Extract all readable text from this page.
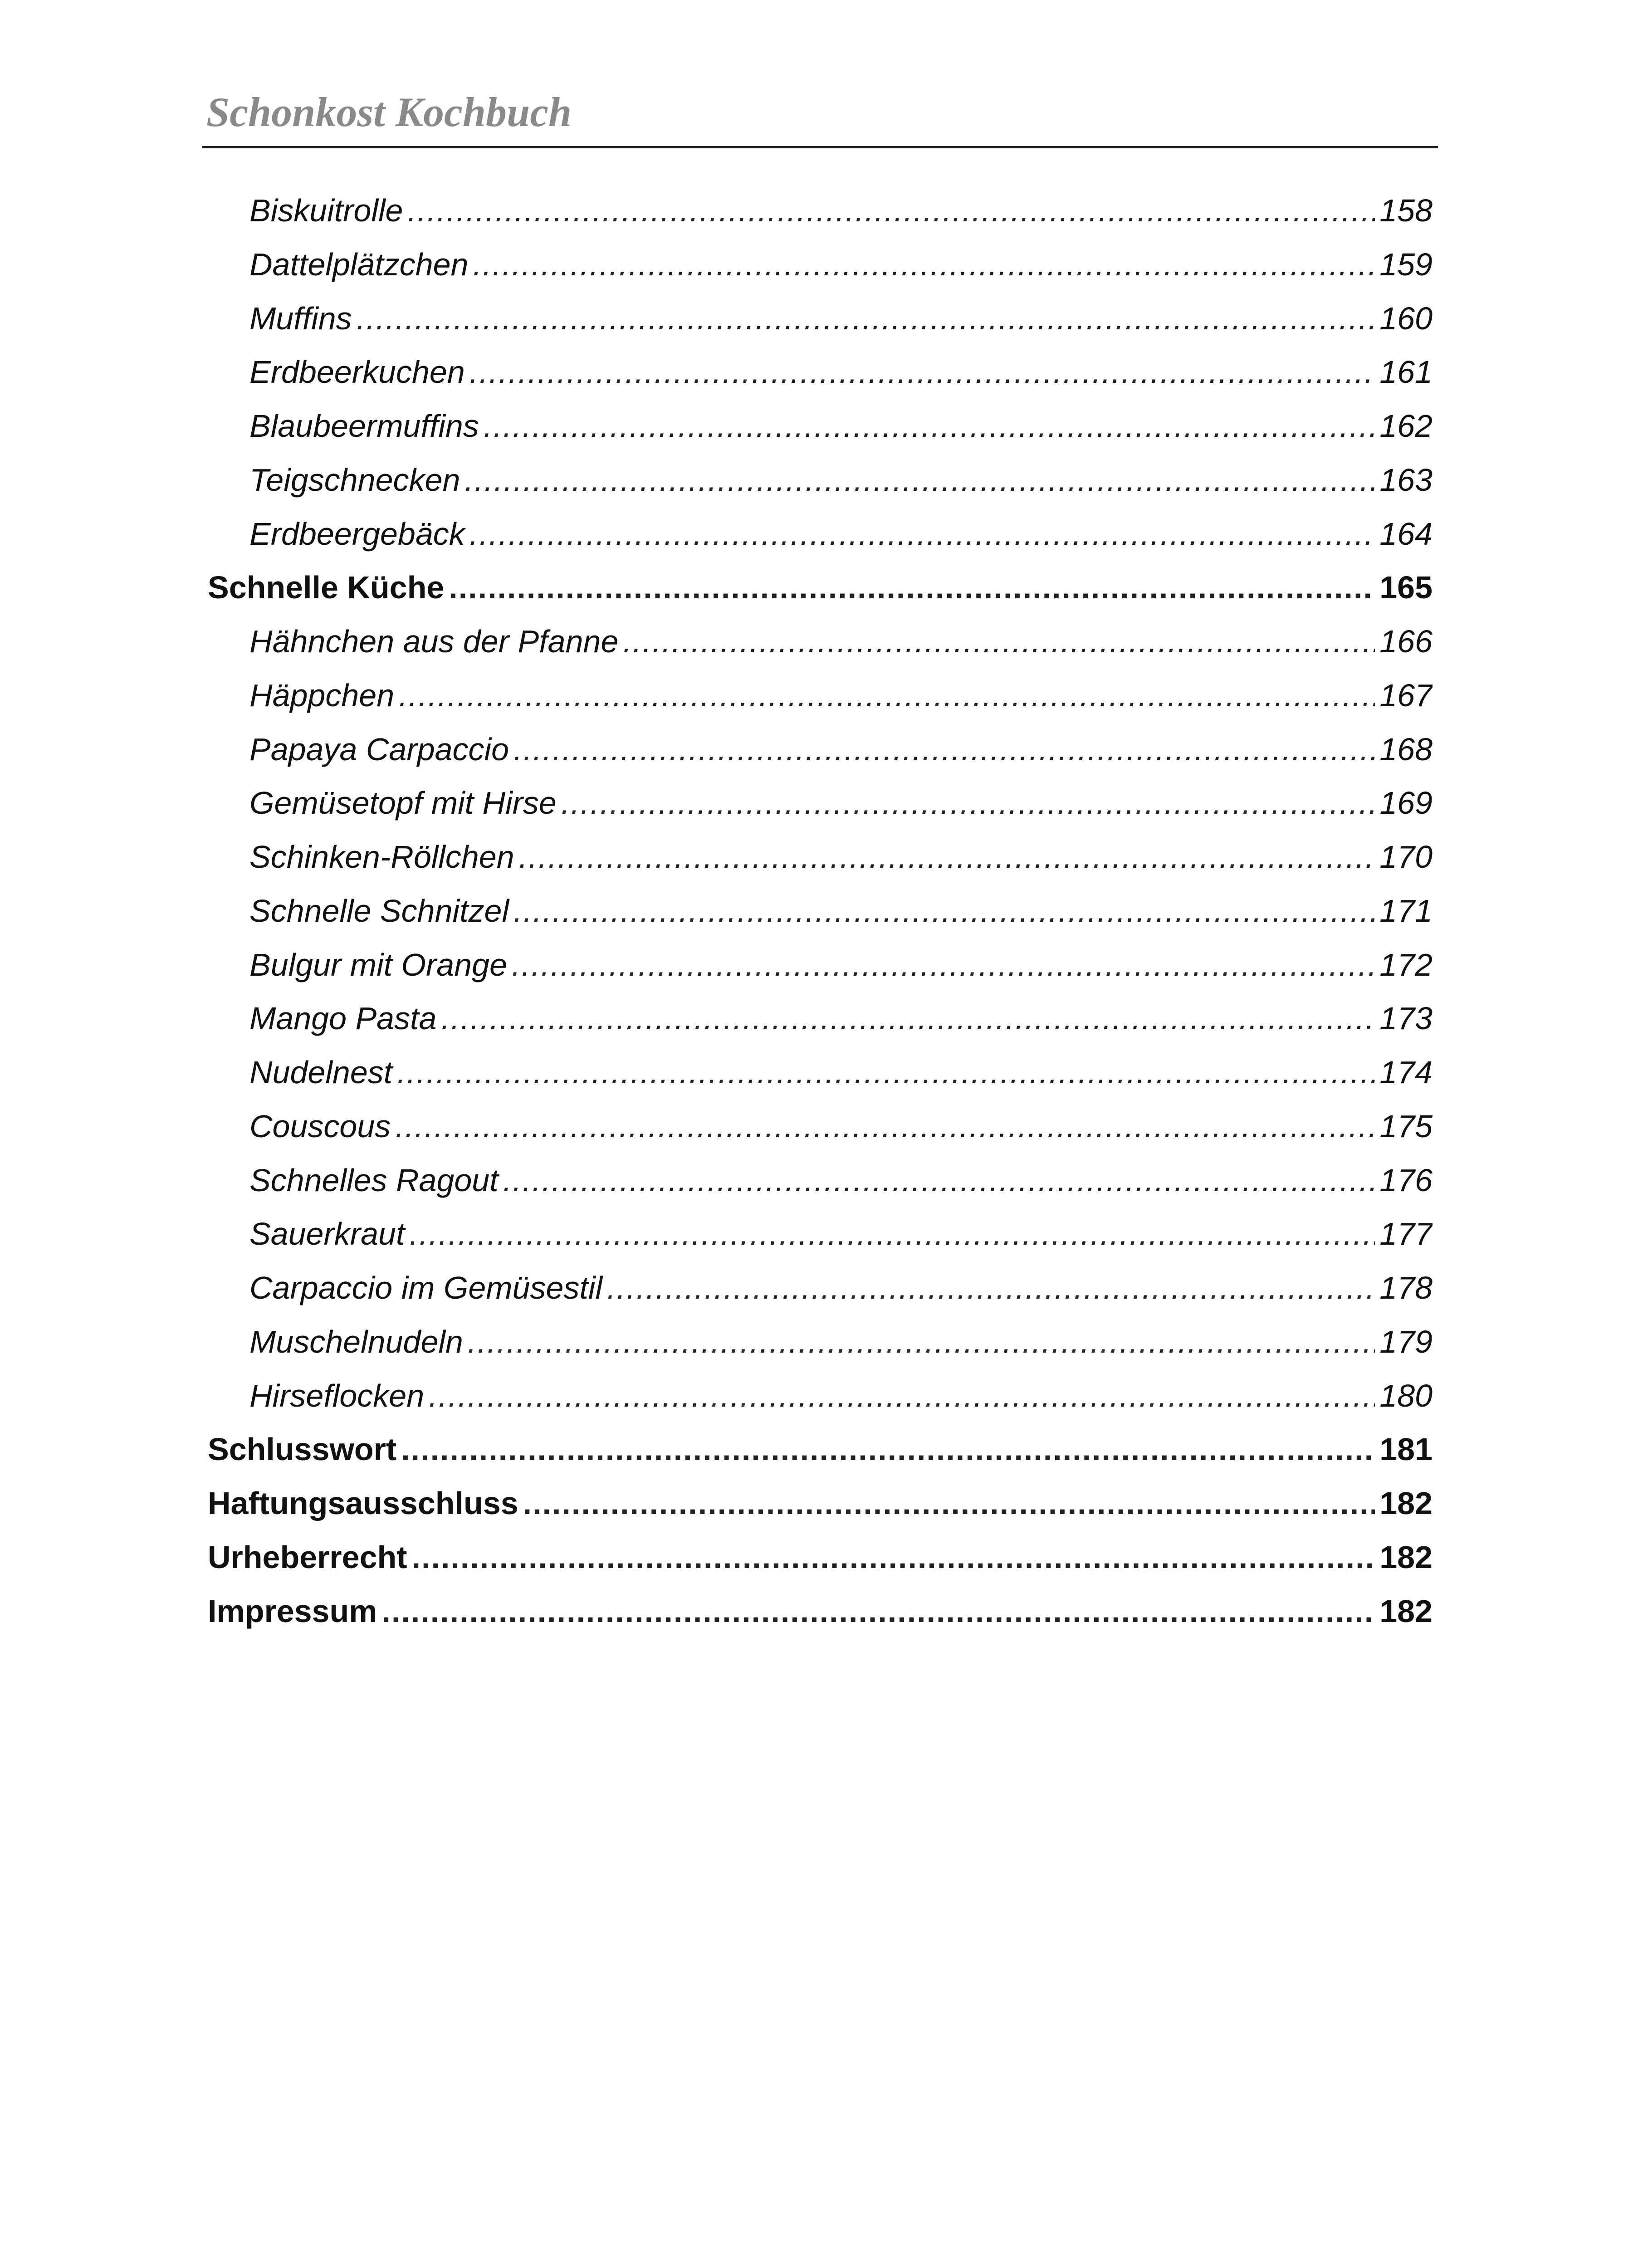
Schonkost Kochbuch
Biskuitrolle .....	158
Dattelplätzchen .....	159
Muffins .....	160
Erdbeerkuchen .....	161
Blaubeermuffins .....	162
Teigschnecken .....	163
Erdbeergebäck .....	164
Schnelle Küche .....	165
Hähnchen aus der Pfanne .....	166
Häppchen .....	167
Papaya Carpaccio .....	168
Gemüsetopf mit Hirse .....	169
Schinken-Röllchen .....	170
Schnelle Schnitzel .....	171
Bulgur mit Orange .....	172
Mango Pasta .....	173
Nudelnest .....	174
Couscous .....	175
Schnelles Ragout .....	176
Sauerkraut .....	177
Carpaccio im Gemüsestil .....	178
Muschelnudeln .....	179
Hirseflocken .....	180
Schlusswort .....	181
Haftungsausschluss .....	182
Urheberrecht .....	182
Impressum .....	182
